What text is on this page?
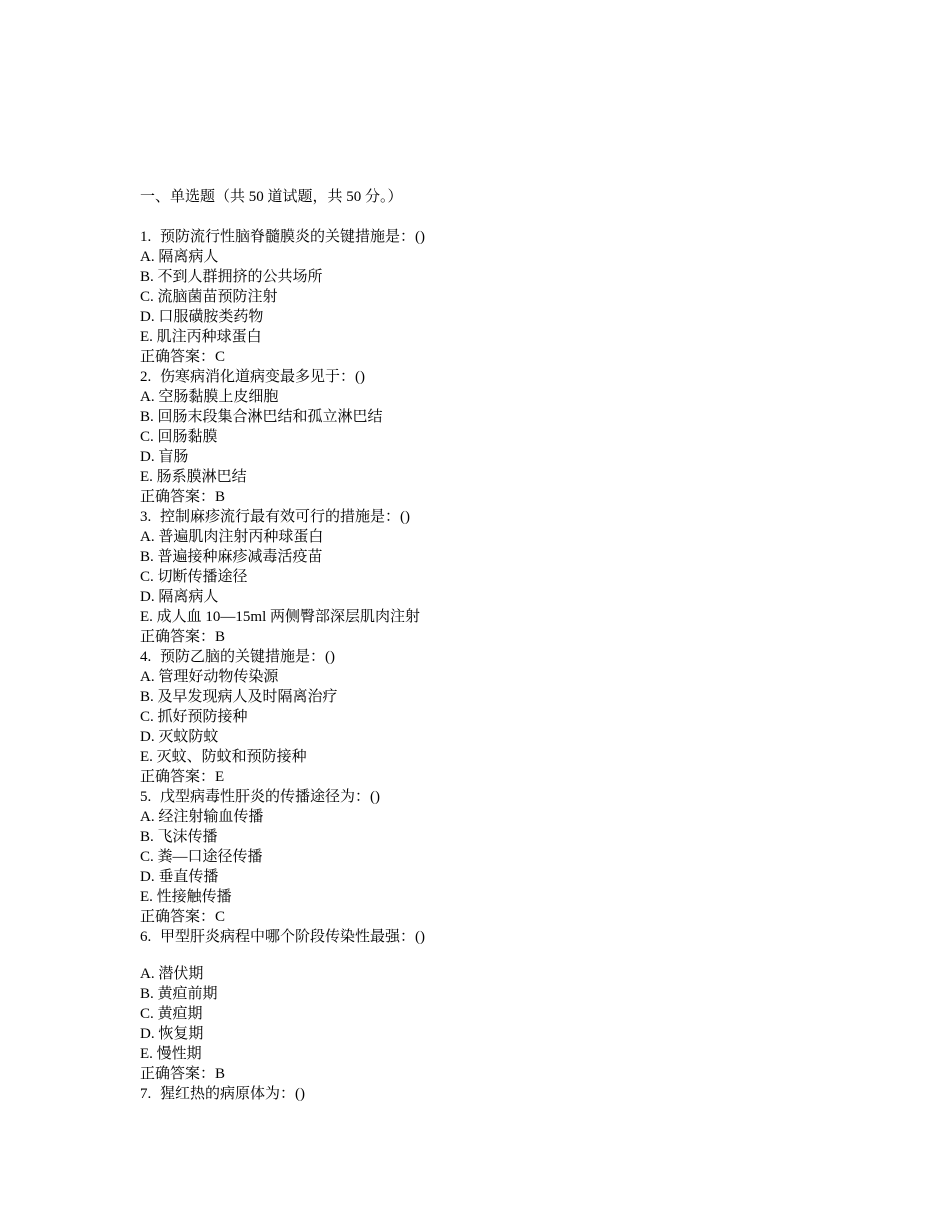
一、单选题（共 50 道试题，共 50 分。）
1. 预防流行性脑脊髓膜炎的关键措施是：()
A. 隔离病人
B. 不到人群拥挤的公共场所
C. 流脑菌苗预防注射
D. 口服磺胺类药物
E. 肌注丙种球蛋白
正确答案：C
2. 伤寒病消化道病变最多见于：()
A. 空肠黏膜上皮细胞
B. 回肠末段集合淋巴结和孤立淋巴结
C. 回肠黏膜
D. 盲肠
E. 肠系膜淋巴结
正确答案：B
3. 控制麻疹流行最有效可行的措施是：()
A. 普遍肌肉注射丙种球蛋白
B. 普遍接种麻疹减毒活疫苗
C. 切断传播途径
D. 隔离病人
E. 成人血 10—15ml 两侧臀部深层肌肉注射
正确答案：B
4. 预防乙脑的关键措施是：()
A. 管理好动物传染源
B. 及早发现病人及时隔离治疗
C. 抓好预防接种
D. 灭蚊防蚊
E. 灭蚊、防蚊和预防接种
正确答案：E
5. 戊型病毒性肝炎的传播途径为：()
A. 经注射输血传播
B. 飞沫传播
C. 粪—口途径传播
D. 垂直传播
E. 性接触传播
正确答案：C
6. 甲型肝炎病程中哪个阶段传染性最强：()
A. 潜伏期
B. 黄疸前期
C. 黄疸期
D. 恢复期
E. 慢性期
正确答案：B
7. 猩红热的病原体为：()
